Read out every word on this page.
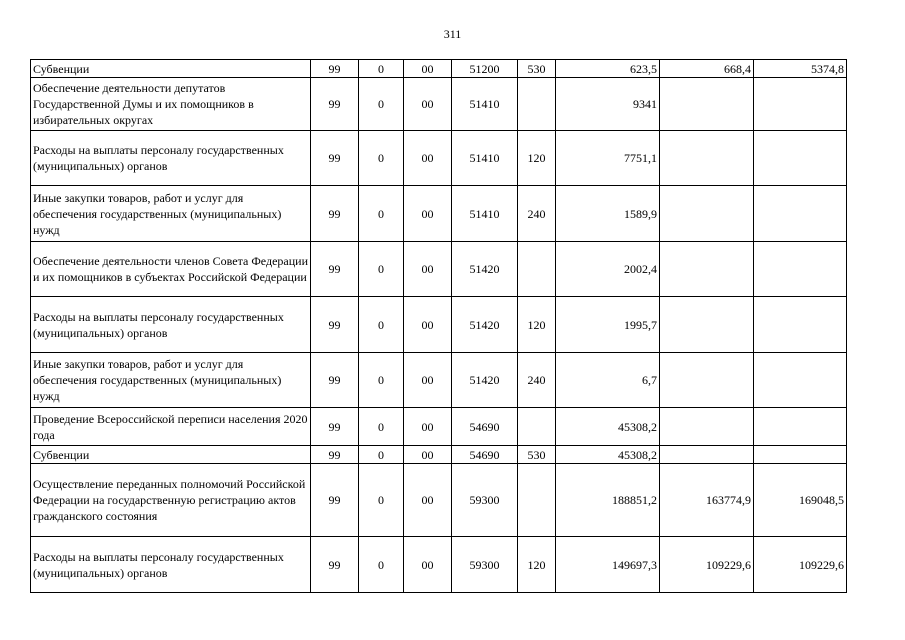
311
Субвенции	99	0	00	51200	530	623,5	668,4	5374,8
Обеспечение деятельности депутатов Государственной Думы и их помощников в избирательных округах	99	0	00	51410		9341		
Расходы на выплаты персоналу государственных (муниципальных) органов	99	0	00	51410	120	7751,1		
Иные закупки товаров, работ и услуг для обеспечения государственных (муниципальных) нужд	99	0	00	51410	240	1589,9		
Обеспечение деятельности членов Совета Федерации и их помощников в субъектах Российской Федерации	99	0	00	51420		2002,4		
Расходы на выплаты персоналу государственных (муниципальных) органов	99	0	00	51420	120	1995,7		
Иные закупки товаров, работ и услуг для обеспечения государственных (муниципальных) нужд	99	0	00	51420	240	6,7		
Проведение Всероссийской переписи населения 2020 года	99	0	00	54690		45308,2		
Субвенции	99	0	00	54690	530	45308,2		
Осуществление переданных полномочий Российской Федерации на государственную регистрацию актов гражданского состояния	99	0	00	59300		188851,2	163774,9	169048,5
Расходы на выплаты персоналу государственных (муниципальных) органов	99	0	00	59300	120	149697,3	109229,6	109229,6
